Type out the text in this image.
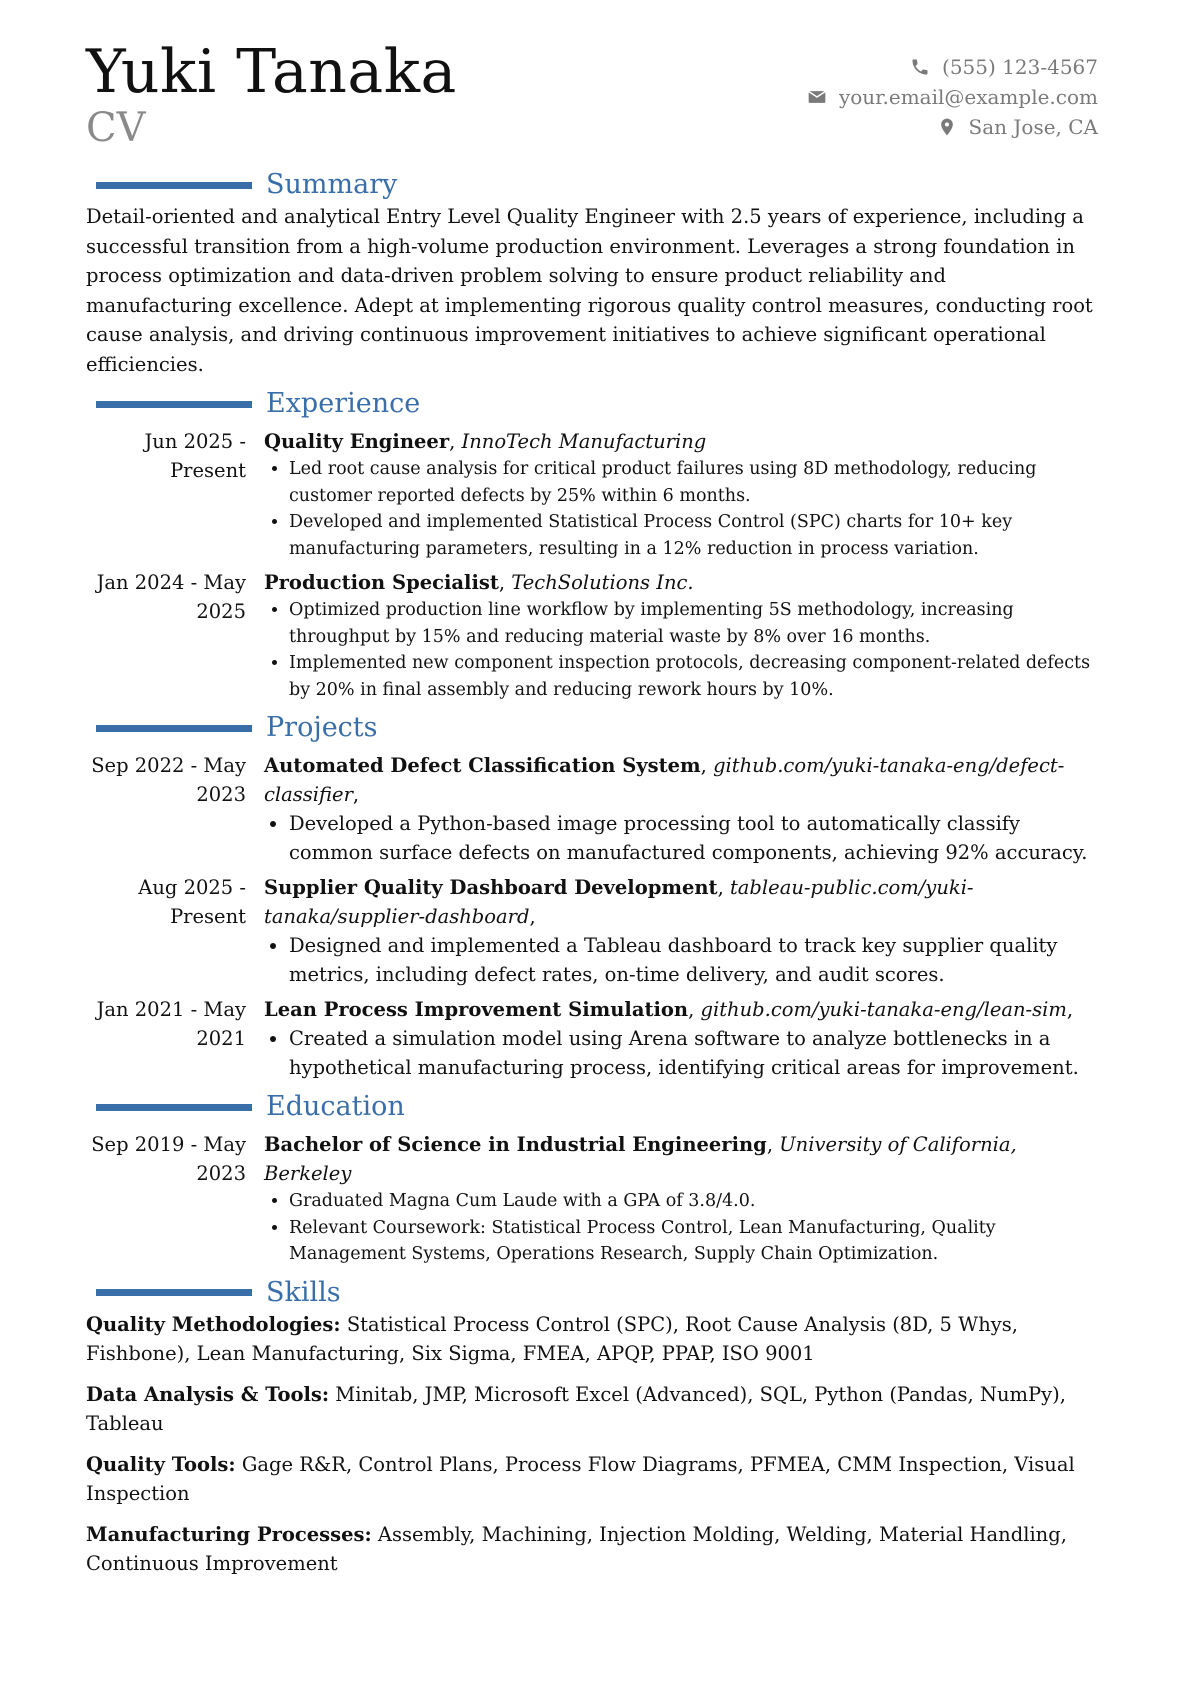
Yuki Tanaka
CV
(555) 123-4567
your.email@example.com
San Jose, CA
Summary

Detail-oriented and analytical Entry Level Quality Engineer with 2.5 years of experience, including a successful transition from a high-volume production environment. Leverages a strong foundation in process optimization and data-driven problem solving to ensure product reliability and manufacturing excellence. Adept at implementing rigorous quality control measures, conducting root cause analysis, and driving continuous improvement initiatives to achieve significant operational efficiencies.

Experience
Jun 2025 - Present
Quality Engineer, InnoTech Manufacturing
• Led root cause analysis for critical product failures using 8D methodology, reducing customer reported defects by 25% within 6 months.
• Developed and implemented Statistical Process Control (SPC) charts for 10+ key manufacturing parameters, resulting in a 12% reduction in process variation.
Jan 2024 - May 2025
Production Specialist, TechSolutions Inc.
• Optimized production line workflow by implementing 5S methodology, increasing throughput by 15% and reducing material waste by 8% over 16 months.
• Implemented new component inspection protocols, decreasing component-related defects by 20% in final assembly and reducing rework hours by 10%.
Projects
Sep 2022 - May 2023
Automated Defect Classification System, github.com/yuki-tanaka-eng/defect-classifier,
• Developed a Python-based image processing tool to automatically classify common surface defects on manufactured components, achieving 92% accuracy.
Aug 2025 - Present
Supplier Quality Dashboard Development, tableau-public.com/yuki-tanaka/supplier-dashboard,
• Designed and implemented a Tableau dashboard to track key supplier quality metrics, including defect rates, on-time delivery, and audit scores.
Jan 2021 - May 2021
Lean Process Improvement Simulation, github.com/yuki-tanaka-eng/lean-sim,
• Created a simulation model using Arena software to analyze bottlenecks in a hypothetical manufacturing process, identifying critical areas for improvement.
Education
Sep 2019 - May 2023
Bachelor of Science in Industrial Engineering, University of California, Berkeley
• Graduated Magna Cum Laude with a GPA of 3.8/4.0.
• Relevant Coursework: Statistical Process Control, Lean Manufacturing, Quality Management Systems, Operations Research, Supply Chain Optimization.
Skills

Quality Methodologies: Statistical Process Control (SPC), Root Cause Analysis (8D, 5 Whys, Fishbone), Lean Manufacturing, Six Sigma, FMEA, APQP, PPAP, ISO 9001

Data Analysis & Tools: Minitab, JMP, Microsoft Excel (Advanced), SQL, Python (Pandas, NumPy), Tableau

Quality Tools: Gage R&R, Control Plans, Process Flow Diagrams, PFMEA, CMM Inspection, Visual Inspection

Manufacturing Processes: Assembly, Machining, Injection Molding, Welding, Material Handling, Continuous Improvement
